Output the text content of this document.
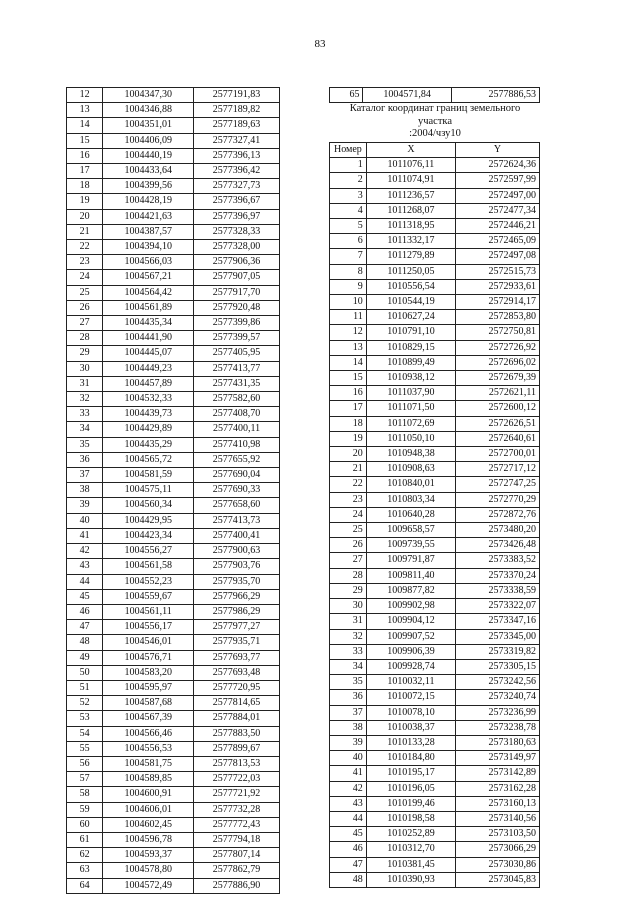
83
12	1004347,30	2577191,83
13	1004346,88	2577189,82
14	1004351,01	2577189,63
15	1004406,09	2577327,41
16	1004440,19	2577396,13
17	1004433,64	2577396,42
18	1004399,56	2577327,73
19	1004428,19	2577396,67
20	1004421,63	2577396,97
21	1004387,57	2577328,33
22	1004394,10	2577328,00
23	1004566,03	2577906,36
24	1004567,21	2577907,05
25	1004564,42	2577917,70
26	1004561,89	2577920,48
27	1004435,34	2577399,86
28	1004441,90	2577399,57
29	1004445,07	2577405,95
30	1004449,23	2577413,77
31	1004457,89	2577431,35
32	1004532,33	2577582,60
33	1004439,73	2577408,70
34	1004429,89	2577400,11
35	1004435,29	2577410,98
36	1004565,72	2577655,92
37	1004581,59	2577690,04
38	1004575,11	2577690,33
39	1004560,34	2577658,60
40	1004429,95	2577413,73
41	1004423,34	2577400,41
42	1004556,27	2577900,63
43	1004561,58	2577903,76
44	1004552,23	2577935,70
45	1004559,67	2577966,29
46	1004561,11	2577986,29
47	1004556,17	2577977,27
48	1004546,01	2577935,71
49	1004576,71	2577693,77
50	1004583,20	2577693,48
51	1004595,97	2577720,95
52	1004587,68	2577814,65
53	1004567,39	2577884,01
54	1004566,46	2577883,50
55	1004556,53	2577899,67
56	1004581,75	2577813,53
57	1004589,85	2577722,03
58	1004600,91	2577721,92
59	1004606,01	2577732,28
60	1004602,45	2577772,43
61	1004596,78	2577794,18
62	1004593,37	2577807,14
63	1004578,80	2577862,79
64	1004572,49	2577886,90
65	1004571,84	2577886,53
Каталог координат границ земельного
участка
:2004/чзу10
Номер	X	Y
1	1011076,11	2572624,36
2	1011074,91	2572597,99
3	1011236,57	2572497,00
4	1011268,07	2572477,34
5	1011318,95	2572446,21
6	1011332,17	2572465,09
7	1011279,89	2572497,08
8	1011250,05	2572515,73
9	1010556,54	2572933,61
10	1010544,19	2572914,17
11	1010627,24	2572853,80
12	1010791,10	2572750,81
13	1010829,15	2572726,92
14	1010899,49	2572696,02
15	1010938,12	2572679,39
16	1011037,90	2572621,11
17	1011071,50	2572600,12
18	1011072,69	2572626,51
19	1011050,10	2572640,61
20	1010948,38	2572700,01
21	1010908,63	2572717,12
22	1010840,01	2572747,25
23	1010803,34	2572770,29
24	1010640,28	2572872,76
25	1009658,57	2573480,20
26	1009739,55	2573426,48
27	1009791,87	2573383,52
28	1009811,40	2573370,24
29	1009877,82	2573338,59
30	1009902,98	2573322,07
31	1009904,12	2573347,16
32	1009907,52	2573345,00
33	1009906,39	2573319,82
34	1009928,74	2573305,15
35	1010032,11	2573242,56
36	1010072,15	2573240,74
37	1010078,10	2573236,99
38	1010038,37	2573238,78
39	1010133,28	2573180,63
40	1010184,80	2573149,97
41	1010195,17	2573142,89
42	1010196,05	2573162,28
43	1010199,46	2573160,13
44	1010198,58	2573140,56
45	1010252,89	2573103,50
46	1010312,70	2573066,29
47	1010381,45	2573030,86
48	1010390,93	2573045,83
